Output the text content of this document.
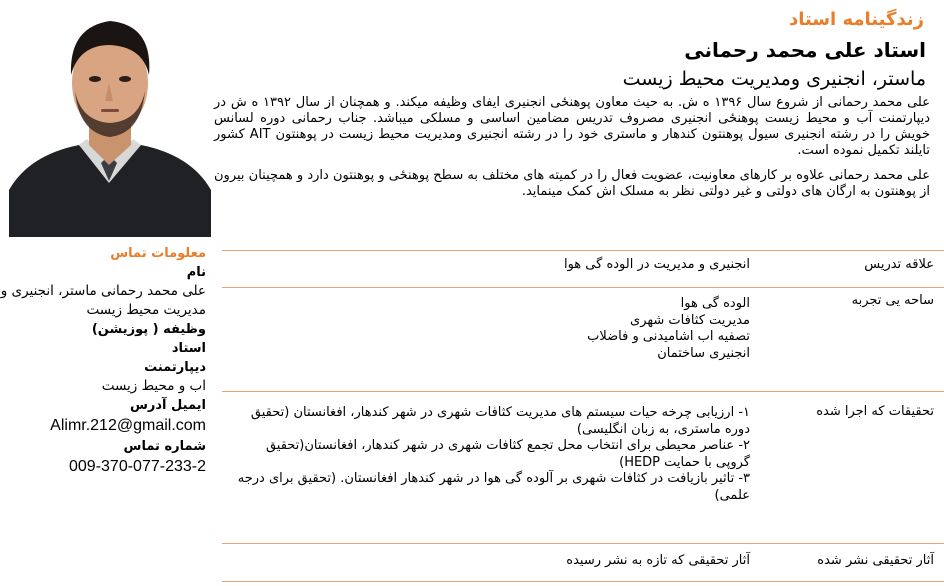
معلومات تماس
نام
علی محمد رحمانی ماستر، انجنیری و مدیریت محیط زیست
وظیفه ( پوزیشن)
استاد
دیپارتمنت
اب و محیط زیست
ایمیل آدرس
Alimr.212@gmail.com
شماره تماس
009-370-077-233-2
زندگینامه استاد
استاد علی محمد رحمانی
ماستر، انجنیری ومدیریت محیط زیست

علی محمد رحمانی از شروع سال ۱۳۹۶ ه ش. به حیث معاون پوهنځی انجنیری ایفای وظیفه میکند. و همچنان از سال ۱۳۹۲ ه ش در دیپارتمنت آب و محیط زیست پوهنځی انجنیری مصروف تدریس مضامین اساسی و مسلکی میباشد. جناب رحمانی دوره لسانس خویش را در رشته انجنیری سیول پوهنتون کندهار و ماستری خود را در رشته انجنیری ومدیریت محیط زیست در پوهنتون AIT کشور تایلند تکمیل نموده است.

علی محمد رحمانی علاوه بر کارهای معاونیت، عضویت فعال را در کمیته های مختلف به سطح پوهنځی و پوهنتون دارد و همچینان بیرون از پوهنتون به ارگان های دولتی و غیر دولتی نظر به مسلک اش کمک مینماید.

علاقه تدریس
انجنیری و مدیریت در الوده گی هوا
ساحه یی تجربه
الوده گی هوا
مدیریت کثافات شهری
تصفیه اب اشامیدنی و فاضلاب
انجنیری ساختمان
تحقیقات که اجرا شده
۱- ارزیابی چرخه حیات سیستم های مدیریت کثافات شهری در شهر کندهار، افغانستان (تحقیق دوره ماستری، به زبان انگلیسی)
۲- عناصر محیطی برای انتخاب محل تجمع کثافات شهری در شهر کندهار، افغانستان(تحقیق گروپی با حمایت HEDP)
۳- تاثیر بازیافت در کثافات شهری بر آلوده گی هوا در شهر کندهار افغانستان. (تحقیق برای درجه علمی)
آثار تحقیقی نشر شده
آثار تحقیقی که تازه به نشر رسیده
